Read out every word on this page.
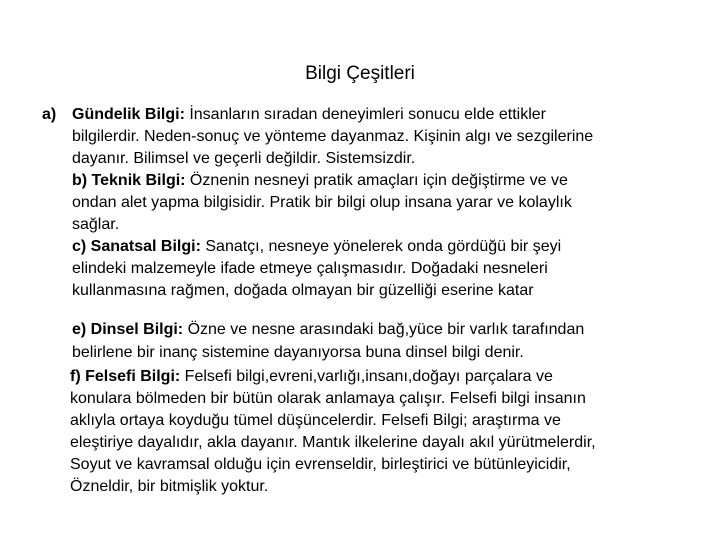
Bilgi Çeşitleri
a) Gündelik Bilgi: İnsanların sıradan deneyimleri sonucu elde ettikler
bilgilerdir. Neden-sonuç ve yönteme dayanmaz. Kişinin algı ve sezgilerine
dayanır. Bilimsel ve geçerli değildir. Sistemsizdir.
b) Teknik Bilgi: Öznenin nesneyi pratik amaçları için değiştirme ve ve
ondan alet yapma bilgisidir. Pratik bir bilgi olup insana yarar ve kolaylık
sağlar.
c) Sanatsal Bilgi: Sanatçı, nesneye yönelerek onda gördüğü bir şeyi
elindeki malzemeyle ifade etmeye çalışmasıdır. Doğadaki nesneleri
kullanmasına rağmen, doğada olmayan bir güzelliği eserine katar
e) Dinsel Bilgi: Özne ve nesne arasındaki bağ,yüce bir varlık tarafından
belirlene bir inanç sistemine dayanıyorsa buna dinsel bilgi denir.
f) Felsefi Bilgi: Felsefi bilgi,evreni,varlığı,insanı,doğayı parçalara ve
konulara bölmeden bir bütün olarak anlamaya çalışır. Felsefi bilgi insanın
aklıyla ortaya koyduğu tümel düşüncelerdir. Felsefi Bilgi; araştırma ve
eleştiriye dayalıdır, akla dayanır. Mantık ilkelerine dayalı akıl yürütmelerdir,
Soyut ve kavramsal olduğu için evrenseldir, birleştirici ve bütünleyicidir,
Özneldir, bir bitmişlik yoktur.
